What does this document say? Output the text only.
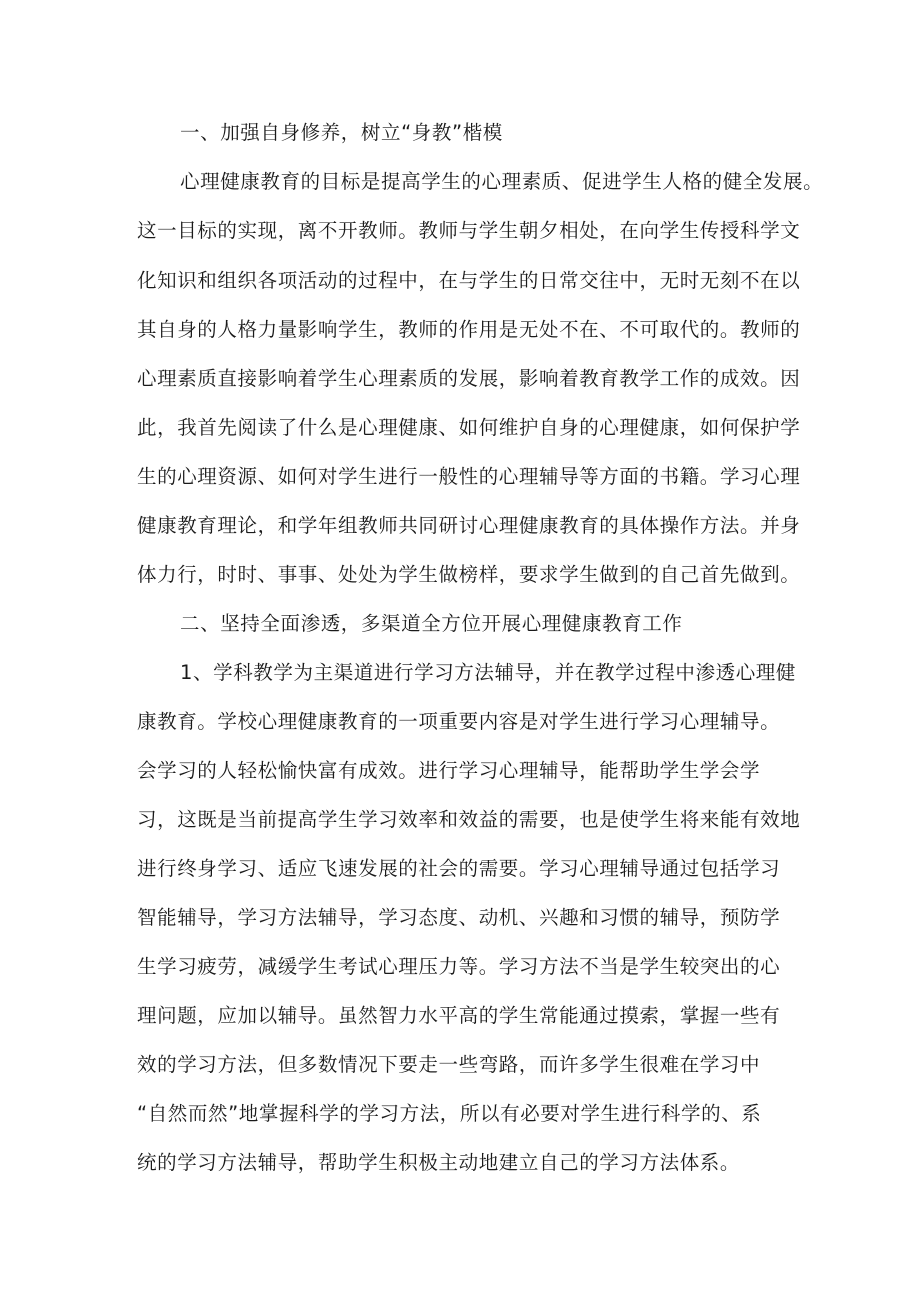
一、加强自身修养，树立“身教”楷模
心理健康教育的目标是提高学生的心理素质、促进学生人格的健全发展。
这一目标的实现，离不开教师。教师与学生朝夕相处，在向学生传授科学文
化知识和组织各项活动的过程中，在与学生的日常交往中，无时无刻不在以
其自身的人格力量影响学生，教师的作用是无处不在、不可取代的。教师的
心理素质直接影响着学生心理素质的发展，影响着教育教学工作的成效。因
此，我首先阅读了什么是心理健康、如何维护自身的心理健康，如何保护学
生的心理资源、如何对学生进行一般性的心理辅导等方面的书籍。学习心理
健康教育理论，和学年组教师共同研讨心理健康教育的具体操作方法。并身
体力行，时时、事事、处处为学生做榜样，要求学生做到的自己首先做到。
二、坚持全面渗透，多渠道全方位开展心理健康教育工作
1、学科教学为主渠道进行学习方法辅导，并在教学过程中渗透心理健
康教育。学校心理健康教育的一项重要内容是对学生进行学习心理辅导。
会学习的人轻松愉快富有成效。进行学习心理辅导，能帮助学生学会学
习，这既是当前提高学生学习效率和效益的需要，也是使学生将来能有效地
进行终身学习、适应飞速发展的社会的需要。学习心理辅导通过包括学习
智能辅导，学习方法辅导，学习态度、动机、兴趣和习惯的辅导，预防学
生学习疲劳，减缓学生考试心理压力等。学习方法不当是学生较突出的心
理问题，应加以辅导。虽然智力水平高的学生常能通过摸索，掌握一些有
效的学习方法，但多数情况下要走一些弯路，而许多学生很难在学习中
“自然而然”地掌握科学的学习方法，所以有必要对学生进行科学的、系
统的学习方法辅导，帮助学生积极主动地建立自己的学习方法体系。
